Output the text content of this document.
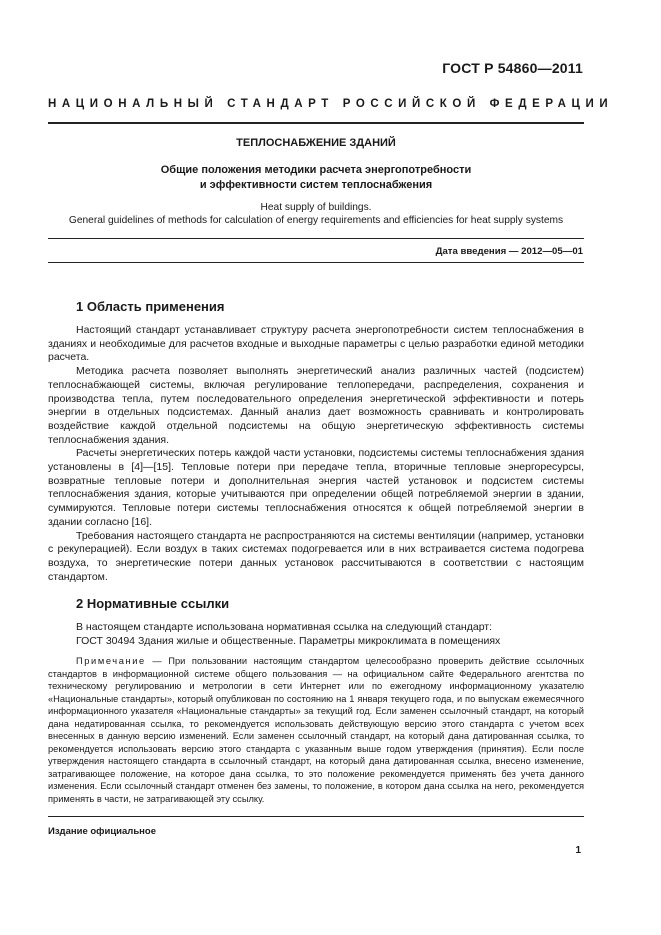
ГОСТ Р 54860—2011
НАЦИОНАЛЬНЫЙ СТАНДАРТ РОССИЙСКОЙ ФЕДЕРАЦИИ
ТЕПЛОСНАБЖЕНИЕ ЗДАНИЙ
Общие положения методики расчета энергопотребности
и эффективности систем теплоснабжения
Heat supply of buildings.
General guidelines of methods for calculation of energy requirements and efficiencies for heat supply systems
Дата введения — 2012—05—01
1 Область применения

Настоящий стандарт устанавливает структуру расчета энергопотребности систем теплоснабжения в зданиях и необходимые для расчетов входные и выходные параметры с целью разработки единой методики расчета.

Методика расчета позволяет выполнять энергетический анализ различных частей (подсистем) теплоснабжающей системы, включая регулирование теплопередачи, распределения, сохранения и производства тепла, путем последовательного определения энергетической эффективности и потерь энергии в отдельных подсистемах. Данный анализ дает возможность сравнивать и контролировать воздействие каждой отдельной подсистемы на общую энергетическую эффективность системы теплоснабжения здания.

Расчеты энергетических потерь каждой части установки, подсистемы системы теплоснабжения здания установлены в [4]—[15]. Тепловые потери при передаче тепла, вторичные тепловые энергоресурсы, возвратные тепловые потери и дополнительная энергия частей установок и подсистем системы теплоснабжения здания, которые учитываются при определении общей потребляемой энергии в здании, суммируются. Тепловые потери системы теплоснабжения относятся к общей потребляемой энергии в здании согласно [16].

Требования настоящего стандарта не распространяются на системы вентиляции (например, установки с рекуперацией). Если воздух в таких системах подогревается или в них встраивается система подогрева воздуха, то энергетические потери данных установок рассчитываются в соответствии с настоящим стандартом.

2 Нормативные ссылки

В настоящем стандарте использована нормативная ссылка на следующий стандарт:

ГОСТ 30494 Здания жилые и общественные. Параметры микроклимата в помещениях

Примечание — При пользовании настоящим стандартом целесообразно проверить действие ссылочных стандартов в информационной системе общего пользования — на официальном сайте Федерального агентства по техническому регулированию и метрологии в сети Интернет или по ежегодному информационному указателю «Национальные стандарты», который опубликован по состоянию на 1 января текущего года, и по выпускам ежемесячного информационного указателя «Национальные стандарты» за текущий год. Если заменен ссылочный стандарт, на который дана недатированная ссылка, то рекомендуется использовать действующую версию этого стандарта с учетом всех внесенных в данную версию изменений. Если заменен ссылочный стандарт, на который дана датированная ссылка, то рекомендуется использовать версию этого стандарта с указанным выше годом утверждения (принятия). Если после утверждения настоящего стандарта в ссылочный стандарт, на который дана датированная ссылка, внесено изменение, затрагивающее положение, на которое дана ссылка, то это положение рекомендуется применять без учета данного изменения. Если ссылочный стандарт отменен без замены, то положение, в котором дана ссылка на него, рекомендуется применять в части, не затрагивающей эту ссылку.

Издание официальное
1
